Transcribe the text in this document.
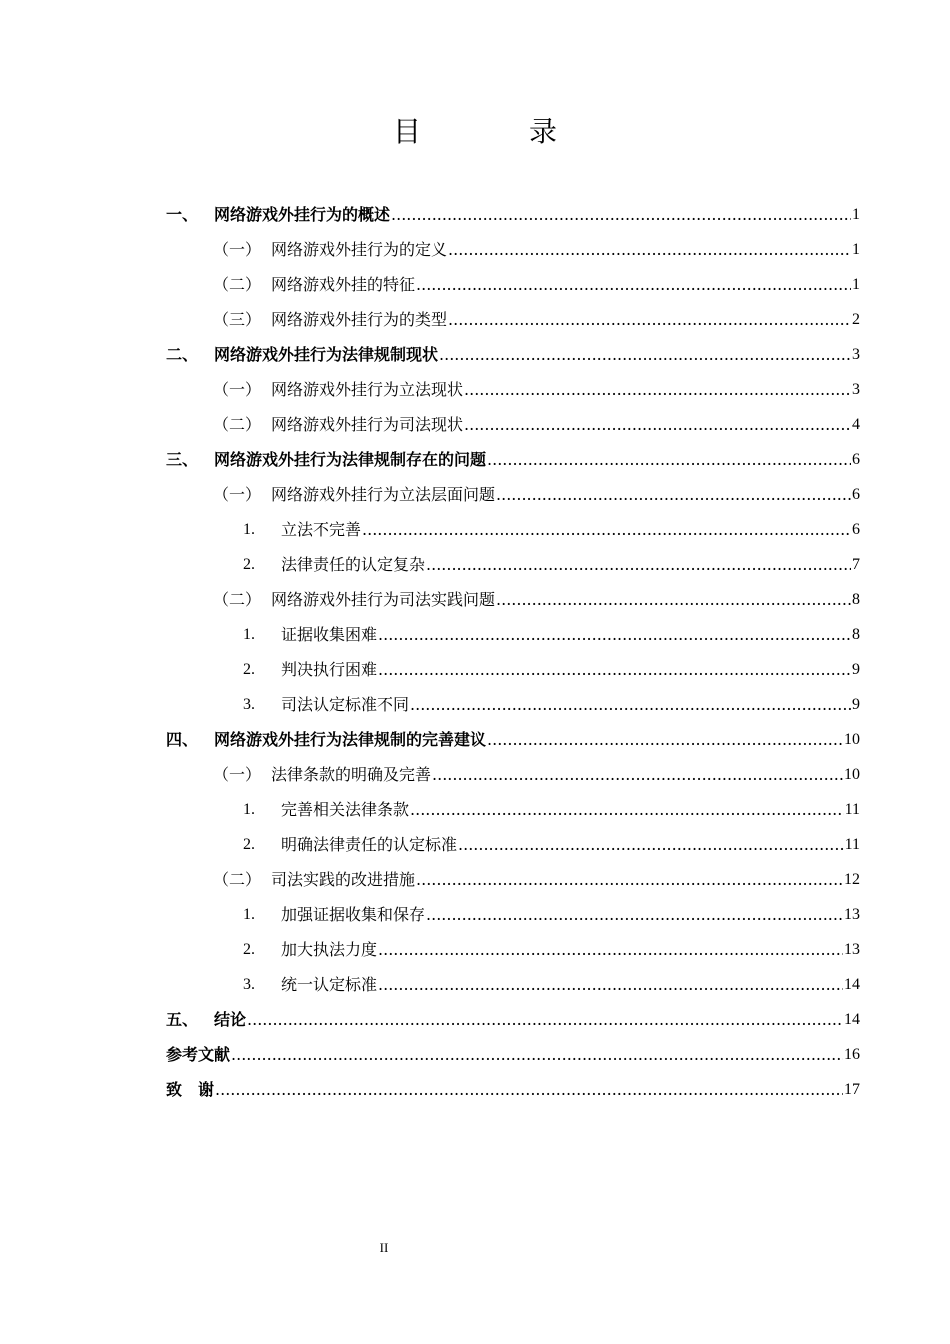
目　录
一、 网络游戏外挂行为的概述 .....	1
（一） 网络游戏外挂行为的定义 .....	1
（二） 网络游戏外挂的特征 .....	1
（三） 网络游戏外挂行为的类型 .....	2
二、 网络游戏外挂行为法律规制现状 .....	3
（一） 网络游戏外挂行为立法现状 .....	3
（二） 网络游戏外挂行为司法现状 .....	4
三、 网络游戏外挂行为法律规制存在的问题 .....	6
（一） 网络游戏外挂行为立法层面问题 .....	6
1.	立法不完善 .....	6
2.	法律责任的认定复杂 .....	7
（二） 网络游戏外挂行为司法实践问题 .....	8
1.	证据收集困难 .....	8
2.	判决执行困难 .....	9
3.	司法认定标准不同 .....	9
四、 网络游戏外挂行为法律规制的完善建议 .....	10
（一） 法律条款的明确及完善 .....	10
1.	完善相关法律条款 .....	11
2.	明确法律责任的认定标准 .....	11
（二） 司法实践的改进措施 .....	12
1.	加强证据收集和保存 .....	13
2.	加大执法力度 .....	13
3.	统一认定标准 .....	14
五、 结论 .....	14
参考文献 .....	16
致　谢 .....	17
II
